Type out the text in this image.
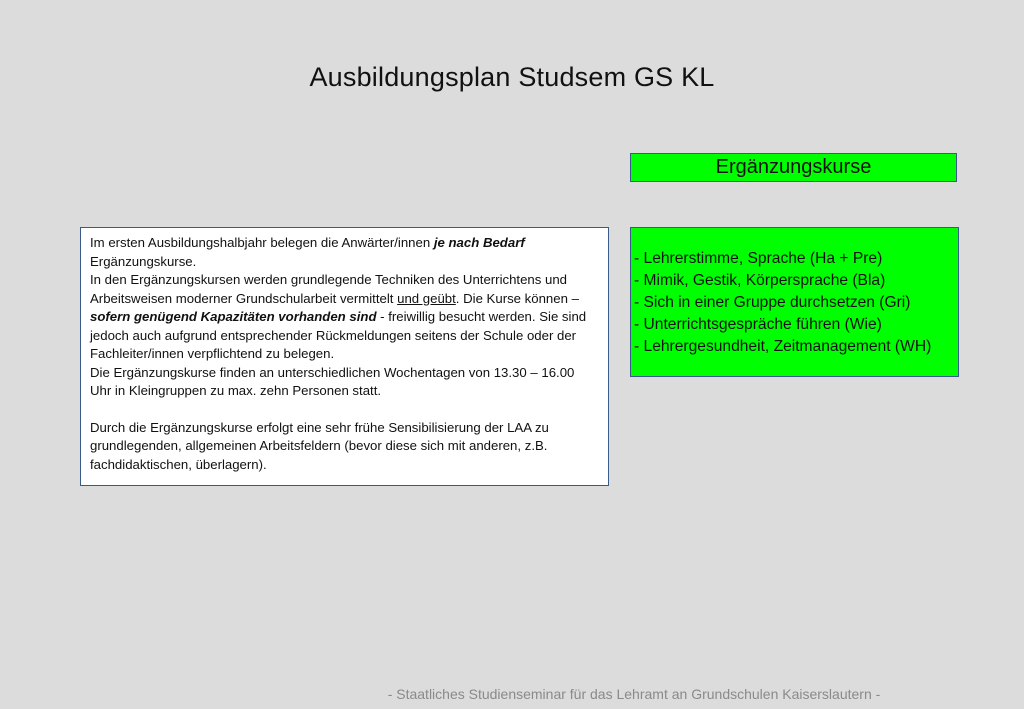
Ausbildungsplan Studsem GS KL
Ergänzungskurse

Im ersten Ausbildungshalbjahr belegen die Anwärter/innen je nach Bedarf Ergänzungskurse.

In den Ergänzungskursen werden grundlegende Techniken des Unterrichtens und Arbeitsweisen moderner Grundschularbeit vermittelt und geübt. Die Kurse können – sofern genügend Kapazitäten vorhanden sind - freiwillig besucht werden. Sie sind jedoch auch aufgrund entsprechender Rückmeldungen seitens der Schule oder der Fachleiter/innen verpflichtend zu belegen.

Die Ergänzungskurse finden an unterschiedlichen Wochentagen von 13.30 – 16.00 Uhr in Kleingruppen zu max. zehn Personen statt.

Durch die Ergänzungskurse erfolgt eine sehr frühe Sensibilisierung der LAA zu grundlegenden, allgemeinen Arbeitsfeldern (bevor diese sich mit anderen, z.B. fachdidaktischen, überlagern).

- Lehrerstimme, Sprache (Ha + Pre)
- Mimik, Gestik, Körpersprache (Bla)
- Sich in einer Gruppe durchsetzen (Gri)
- Unterrichtsgespräche führen (Wie)
- Lehrergesundheit, Zeitmanagement (WH)
- Staatliches Studienseminar für das Lehramt an Grundschulen Kaiserslautern -
